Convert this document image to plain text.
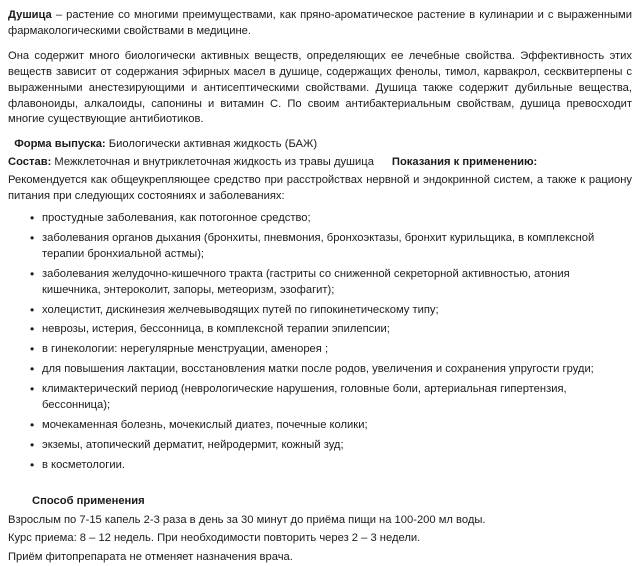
Душица – растение со многими преимуществами, как пряно-ароматическое растение в кулинарии и с выраженными фармакологическими свойствами в медицине.

Она содержит много биологически активных веществ, определяющих ее лечебные свойства. Эффективность этих веществ зависит от содержания эфирных масел в душице, содержащих фенолы, тимол, карвакрол, сесквитерпены с выраженными анестезирующими и антисептическими свойствами. Душица также содержит дубильные вещества, флавоноиды, алкалоиды, сапонины и витамин С. По своим антибактериальным свойствам, душица превосходит многие существующие антибиотиков.

Форма выпуска: Биологически активная жидкость (БАЖ)

Состав: Межклеточная и внутриклеточная жидкость из травы душица Показания к применению:

Рекомендуется как общеукрепляющее средство при расстройствах нервной и эндокринной систем, а также к рациону питания при следующих состояниях и заболеваниях:

• простудные заболевания, как потогонное средство;
• заболевания органов дыхания (бронхиты, пневмония, бронхоэктазы, бронхит курильщика, в комплексной терапии бронхиальной астмы);
• заболевания желудочно-кишечного тракта (гастриты со сниженной секреторной активностью, атония кишечника, энтероколит, запоры, метеоризм, эзофагит);
• холецистит, дискинезия желчевыводящих путей по гипокинетическому типу;
• неврозы, истерия, бессонница, в комплексной терапии эпилепсии;
• в гинекологии: нерегулярные менструации, аменорея ;
• для повышения лактации, восстановления матки после родов, увеличения и сохранения упругости груди;
• климактерический период (неврологические нарушения, головные боли, артериальная гипертензия, бессонница);
• мочекаменная болезнь, мочекислый диатез, почечные колики;
• экземы, атопический дерматит, нейродермит, кожный зуд;
• в косметологии.

Способ применения

Взрослым по 7-15 капель 2-3 раза в день за 30 минут до приёма пищи на 100-200 мл воды.

Курс приема: 8 – 12 недель. При необходимости повторить через 2 – 3 недели.

Приём фитопрепарата не отменяет назначения врача.
